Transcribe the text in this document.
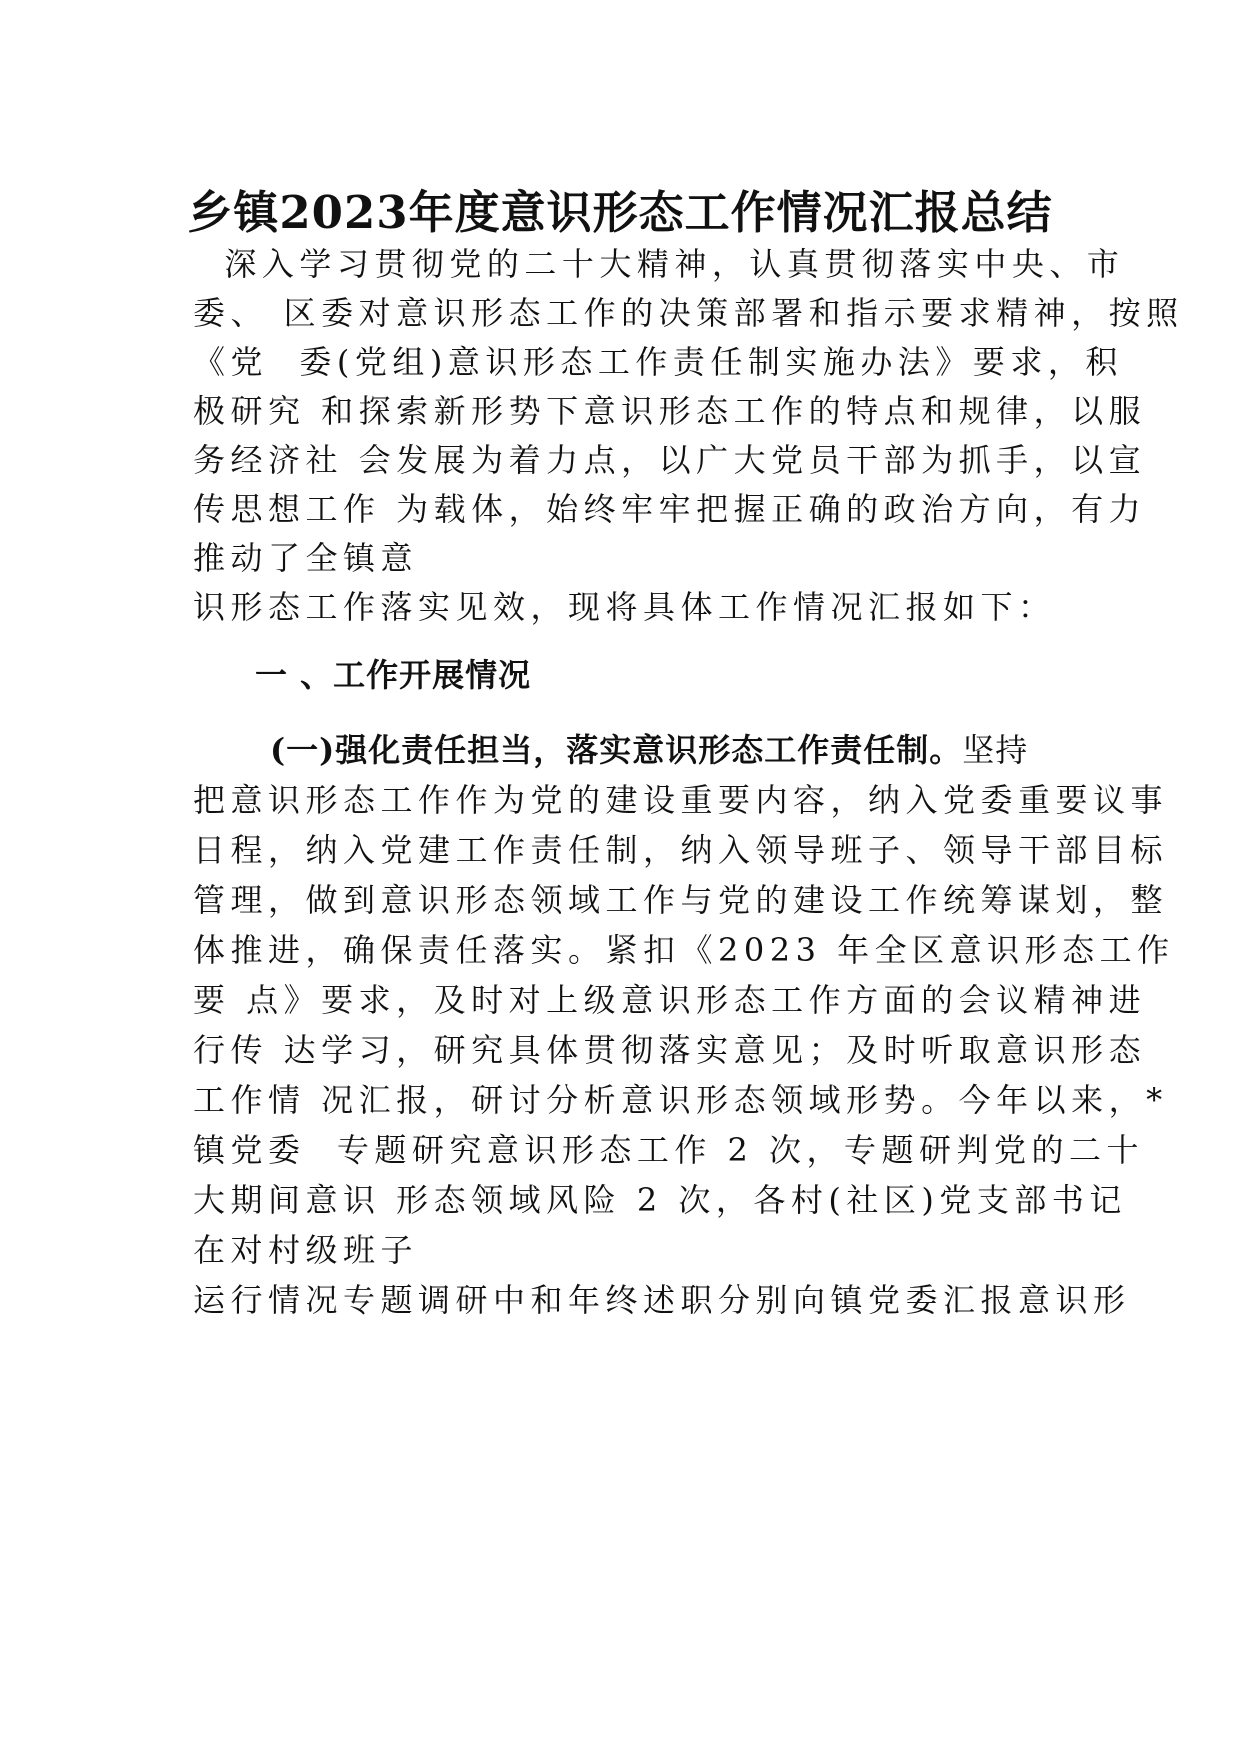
乡镇2023年度意识形态工作情况汇报总结
深入学习贯彻党的二十大精神，认真贯彻落实中央、市
委、 区委对意识形态工作的决策部署和指示要求精神，按照
《党  委(党组)意识形态工作责任制实施办法》要求，积
极研究 和探索新形势下意识形态工作的特点和规律，以服
务经济社 会发展为着力点，以广大党员干部为抓手，以宣
传思想工作 为载体，始终牢牢把握正确的政治方向，有力
推动了全镇意
识形态工作落实见效，现将具体工作情况汇报如下：
一 、工作开展情况
(一)强化责任担当，落实意识形态工作责任制。坚持
把意识形态工作作为党的建设重要内容，纳入党委重要议事
日程，纳入党建工作责任制，纳入领导班子、领导干部目标
管理，做到意识形态领域工作与党的建设工作统筹谋划，整
体推进，确保责任落实。紧扣《2023 年全区意识形态工作
要 点》要求，及时对上级意识形态工作方面的会议精神进
行传 达学习，研究具体贯彻落实意见；及时听取意识形态
工作情 况汇报，研讨分析意识形态领域形势。今年以来，*
镇党委  专题研究意识形态工作 2 次，专题研判党的二十
大期间意识 形态领域风险 2 次，各村(社区)党支部书记
在对村级班子
运行情况专题调研中和年终述职分别向镇党委汇报意识形
